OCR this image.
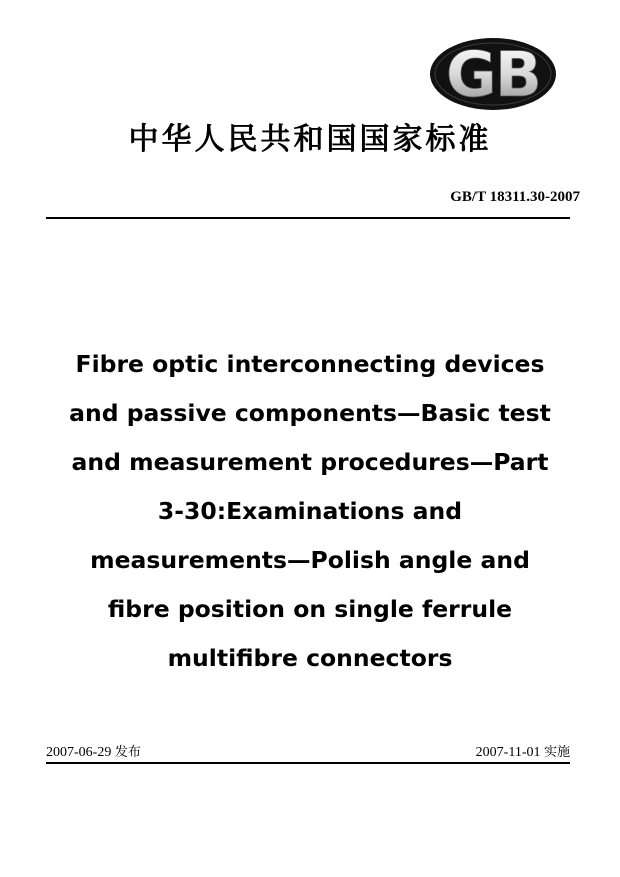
GB
中华人民共和国国家标准
GB/T 18311.30-2007
Fibre optic interconnecting devices
and passive components—Basic test
and measurement procedures—Part
3-30:Examinations and
measurements—Polish angle and
fibre position on single ferrule
multifibre connectors
2007-06-29 发布	2007-11-01 实施
